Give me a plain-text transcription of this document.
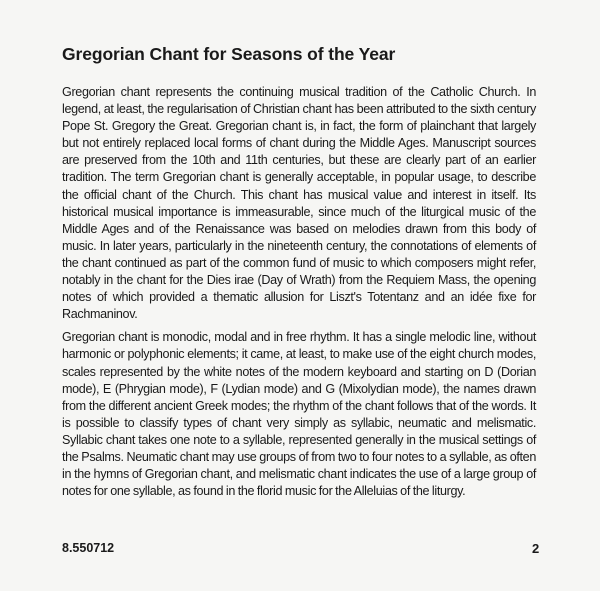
Gregorian Chant for Seasons of the Year

Gregorian chant represents the continuing musical tradition of the Catholic Church. In legend, at least, the regularisation of Christian chant has been attributed to the sixth century Pope St. Gregory the Great. Gregorian chant is, in fact, the form of plainchant that largely but not entirely replaced local forms of chant during the Middle Ages. Manuscript sources are preserved from the 10th and 11th centuries, but these are clearly part of an earlier tradition. The term Gregorian chant is generally acceptable, in popular usage, to describe the official chant of the Church. This chant has musical value and interest in itself. Its historical musical importance is immeasurable, since much of the liturgical music of the Middle Ages and of the Renaissance was based on melodies drawn from this body of music. In later years, particularly in the nineteenth century, the connotations of elements of the chant continued as part of the common fund of music to which composers might refer, notably in the chant for the Dies irae (Day of Wrath) from the Requiem Mass, the opening notes of which provided a thematic allusion for Liszt's Totentanz and an idée fixe for Rachmaninov.

Gregorian chant is monodic, modal and in free rhythm. It has a single melodic line, without harmonic or polyphonic elements; it came, at least, to make use of the eight church modes, scales represented by the white notes of the modern keyboard and starting on D (Dorian mode), E (Phrygian mode), F (Lydian mode) and G (Mixolydian mode), the names drawn from the different ancient Greek modes; the rhythm of the chant follows that of the words. It is possible to classify types of chant very simply as syllabic, neumatic and melismatic. Syllabic chant takes one note to a syllable, represented generally in the musical settings of the Psalms. Neumatic chant may use groups of from two to four notes to a syllable, as often in the hymns of Gregorian chant, and melismatic chant indicates the use of a large group of notes for one syllable, as found in the florid music for the Alleluias of the liturgy.

8.550712	2
